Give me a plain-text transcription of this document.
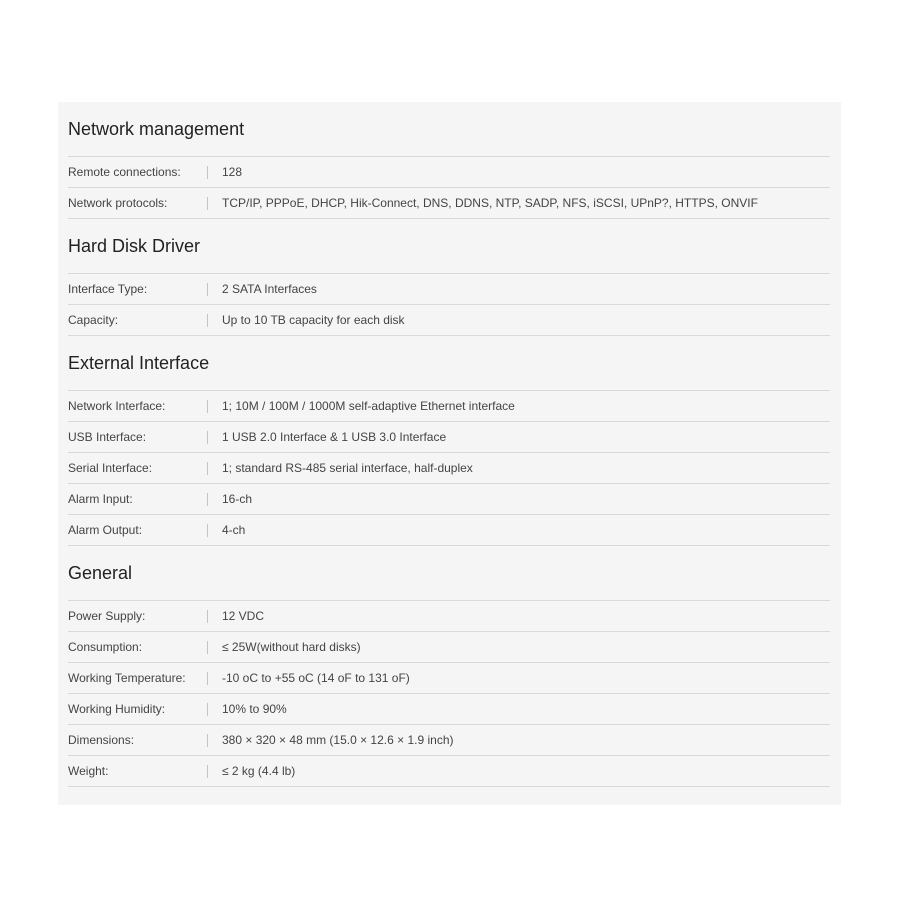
Network management
Remote connections:	128
Network protocols:	TCP/IP, PPPoE, DHCP, Hik-Connect, DNS, DDNS, NTP, SADP, NFS, iSCSI, UPnP?, HTTPS, ONVIF
Hard Disk Driver
Interface Type:	2 SATA Interfaces
Capacity:	Up to 10 TB capacity for each disk
External Interface
Network Interface:	1; 10M / 100M / 1000M self-adaptive Ethernet interface
USB Interface:	1 USB 2.0 Interface & 1 USB 3.0 Interface
Serial Interface:	1; standard RS-485 serial interface, half-duplex
Alarm Input:	16-ch
Alarm Output:	4-ch
General
Power Supply:	12 VDC
Consumption:	≤ 25W(without hard disks)
Working Temperature:	-10 oC to +55 oC (14 oF to 131 oF)
Working Humidity:	10% to 90%
Dimensions:	380 × 320 × 48 mm (15.0 × 12.6 × 1.9 inch)
Weight:	≤ 2 kg (4.4 lb)
